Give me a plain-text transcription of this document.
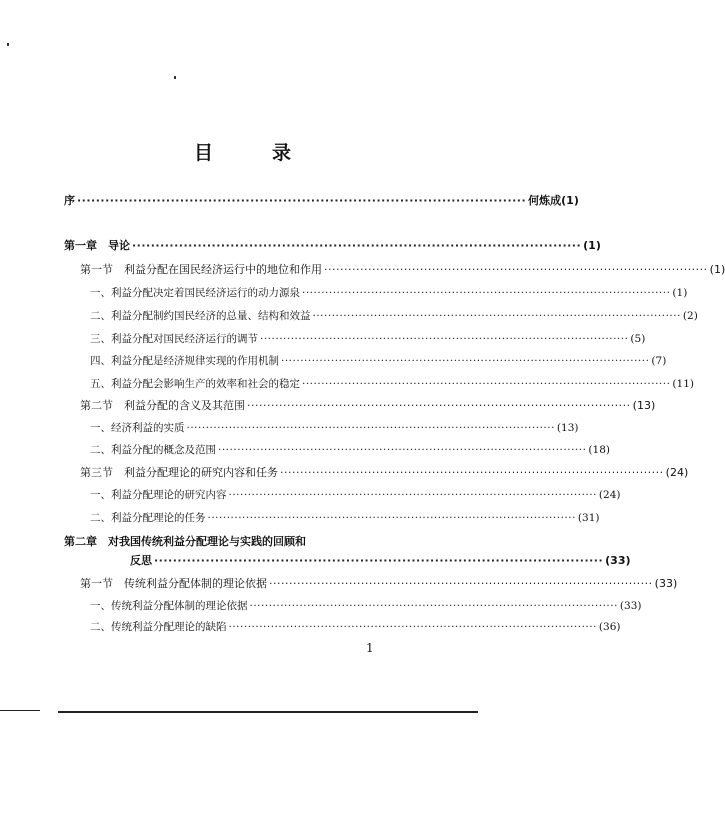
目　录
序 ································································································ 何炼成(1)
第一章　导论 ································································································ (1)
第一节　利益分配在国民经济运行中的地位和作用 ································································································ (1)
一、利益分配决定着国民经济运行的动力源泉 ································································································ (1)
二、利益分配制约国民经济的总量、结构和效益 ································································································ (2)
三、利益分配对国民经济运行的调节 ································································································ (5)
四、利益分配是经济规律实现的作用机制 ································································································ (7)
五、利益分配会影响生产的效率和社会的稳定 ································································································ (11)
第二节　利益分配的含义及其范围 ································································································ (13)
一、经济利益的实质 ································································································ (13)
二、利益分配的概念及范围 ································································································ (18)
第三节　利益分配理论的研究内容和任务 ································································································ (24)
一、利益分配理论的研究内容 ································································································ (24)
二、利益分配理论的任务 ································································································ (31)
第二章　对我国传统利益分配理论与实践的回顾和
反思 ································································································ (33)
第一节　传统利益分配体制的理论依据 ································································································ (33)
一、传统利益分配体制的理论依据 ································································································ (33)
二、传统利益分配理论的缺陷 ································································································ (36)
1
